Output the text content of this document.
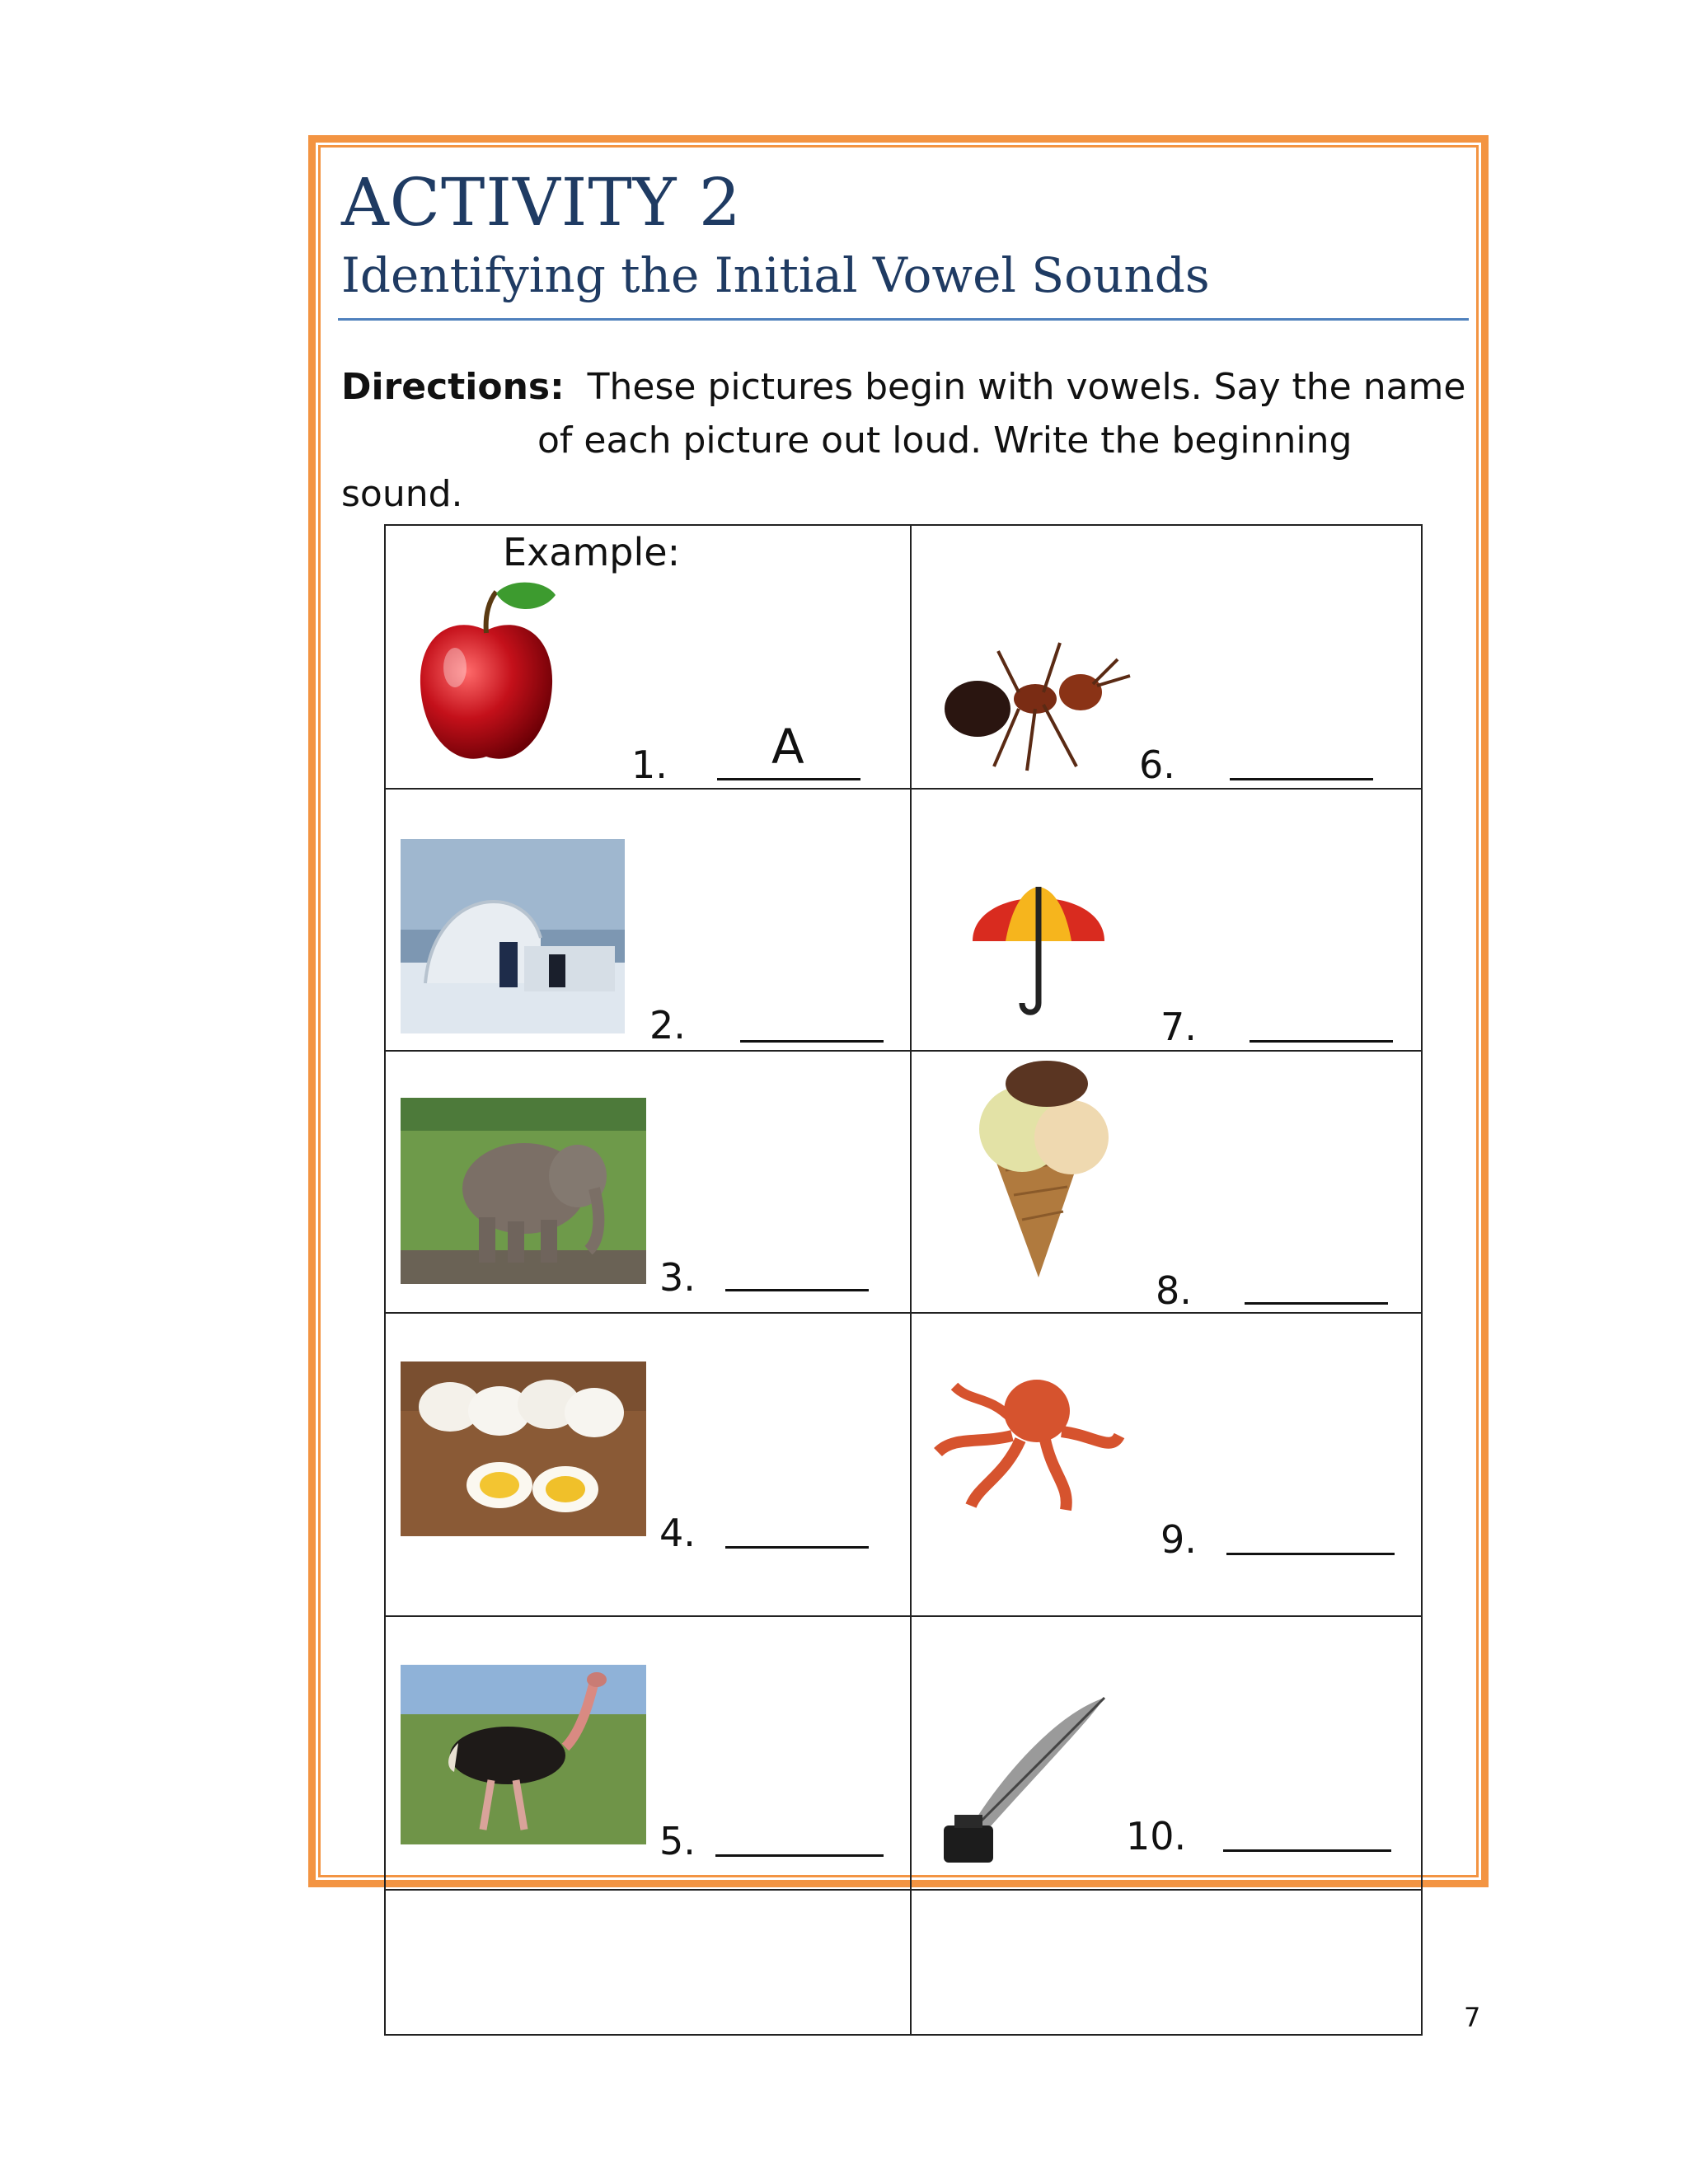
ACTIVITY 2
Identifying the Initial Vowel Sounds

Directions: These pictures begin with vowels. Say the name

of each picture out loud. Write the beginning

sound.

Example:

1. A
2.
3.
4.
5.
6.
7.
8.
9.
10.
7
